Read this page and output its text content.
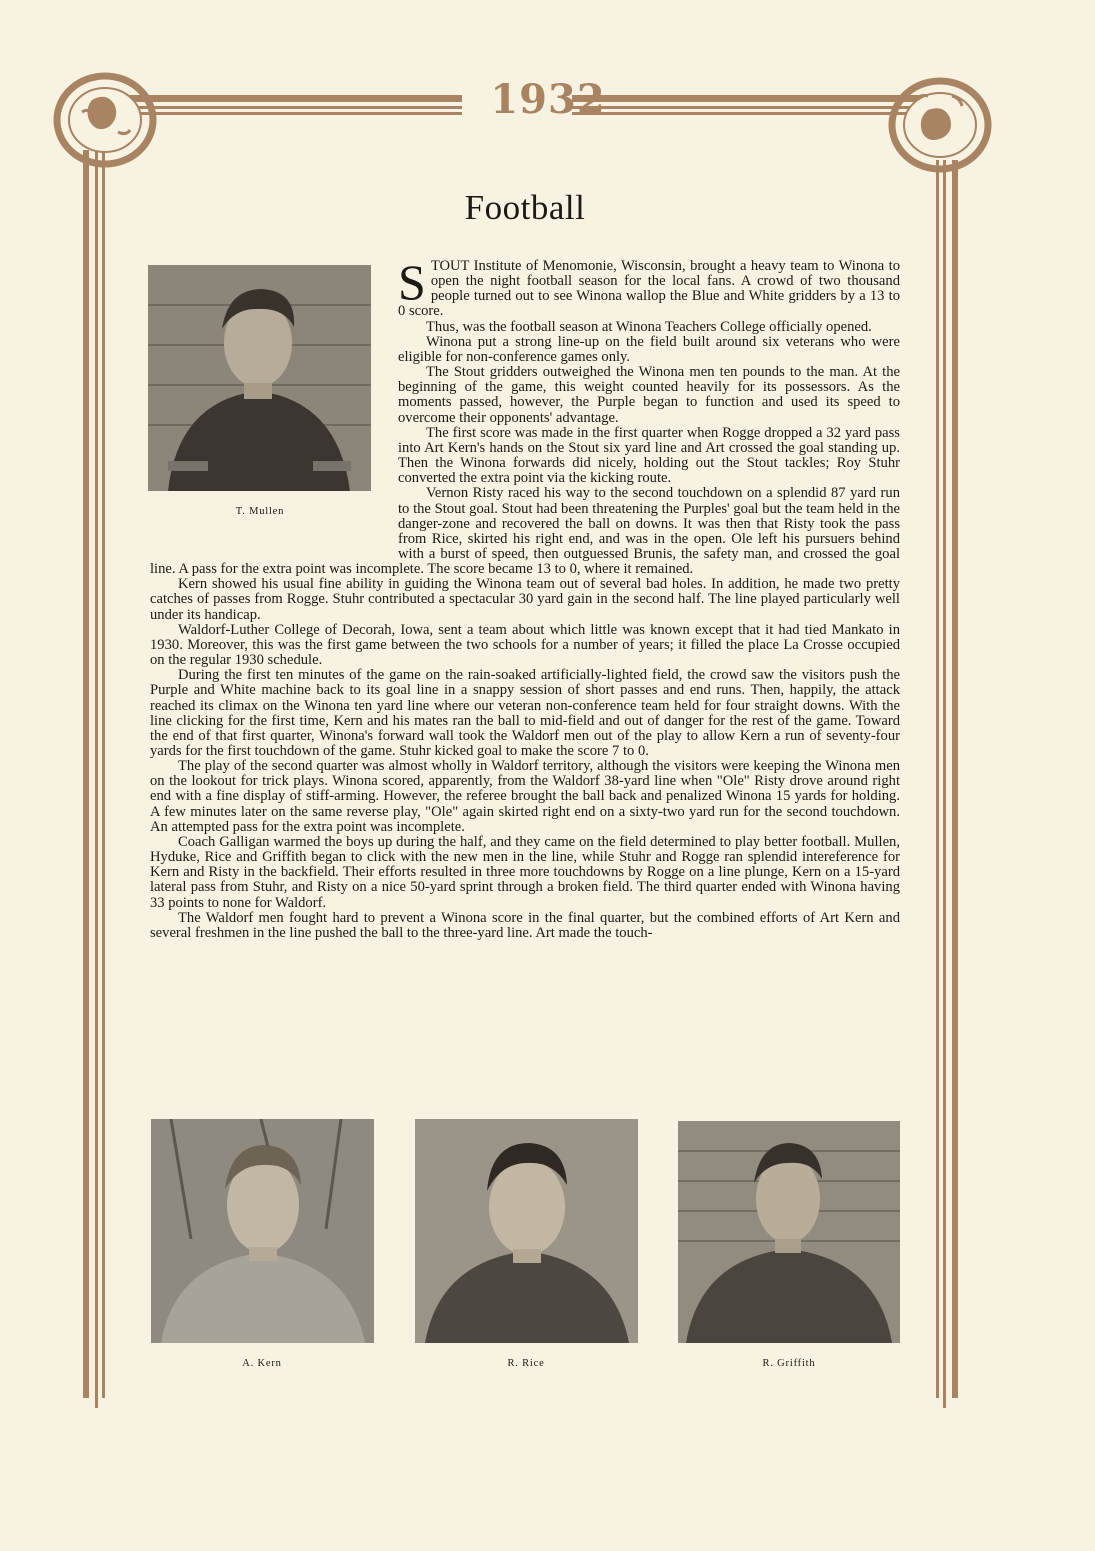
1932
Football
T. Mullen

STOUT Institute of Menomonie, Wisconsin, brought a heavy team to Winona to open the night football season for the local fans. A crowd of two thousand people turned out to see Winona wallop the Blue and White gridders by a 13 to 0 score.

Thus, was the football season at Winona Teachers College officially opened.

Winona put a strong line-up on the field built around six veterans who were eligible for non-conference games only.

The Stout gridders outweighed the Winona men ten pounds to the man. At the beginning of the game, this weight counted heavily for its possessors. As the moments passed, however, the Purple began to function and used its speed to overcome their opponents' advantage.

The first score was made in the first quarter when Rogge dropped a 32 yard pass into Art Kern's hands on the Stout six yard line and Art crossed the goal standing up. Then the Winona forwards did nicely, holding out the Stout tackles; Roy Stuhr converted the extra point via the kicking route.

Vernon Risty raced his way to the second touchdown on a splendid 87 yard run to the Stout goal. Stout had been threatening the Purples' goal but the team held in the danger-zone and recovered the ball on downs. It was then that Risty took the pass from Rice, skirted his right end, and was in the open. Ole left his pursuers behind with a burst of speed, then outguessed Brunis, the safety man, and crossed the goal line. A pass for the extra point was incomplete. The score became 13 to 0, where it remained.

Kern showed his usual fine ability in guiding the Winona team out of several bad holes. In addition, he made two pretty catches of passes from Rogge. Stuhr contributed a spectacular 30 yard gain in the second half. The line played particularly well under its handicap.

Waldorf-Luther College of Decorah, Iowa, sent a team about which little was known except that it had tied Mankato in 1930. Moreover, this was the first game between the two schools for a number of years; it filled the place La Crosse occupied on the regular 1930 schedule.

During the first ten minutes of the game on the rain-soaked artificially-lighted field, the crowd saw the visitors push the Purple and White machine back to its goal line in a snappy session of short passes and end runs. Then, happily, the attack reached its climax on the Winona ten yard line where our veteran non-conference team held for four straight downs. With the line clicking for the first time, Kern and his mates ran the ball to mid-field and out of danger for the rest of the game. Toward the end of that first quarter, Winona's forward wall took the Waldorf men out of the play to allow Kern a run of seventy-four yards for the first touchdown of the game. Stuhr kicked goal to make the score 7 to 0.

The play of the second quarter was almost wholly in Waldorf territory, although the visitors were keeping the Winona men on the lookout for trick plays. Winona scored, apparently, from the Waldorf 38-yard line when "Ole" Risty drove around right end with a fine display of stiff-arming. However, the referee brought the ball back and penalized Winona 15 yards for holding. A few minutes later on the same reverse play, "Ole" again skirted right end on a sixty-two yard run for the second touchdown. An attempted pass for the extra point was incomplete.

Coach Galligan warmed the boys up during the half, and they came on the field determined to play better football. Mullen, Hyduke, Rice and Griffith began to click with the new men in the line, while Stuhr and Rogge ran splendid intereference for Kern and Risty in the backfield. Their efforts resulted in three more touchdowns by Rogge on a line plunge, Kern on a 15-yard lateral pass from Stuhr, and Risty on a nice 50-yard sprint through a broken field. The third quarter ended with Winona having 33 points to none for Waldorf.

The Waldorf men fought hard to prevent a Winona score in the final quarter, but the combined efforts of Art Kern and several freshmen in the line pushed the ball to the three-yard line. Art made the touch-

A. Kern	R. Rice	R. Griffith
